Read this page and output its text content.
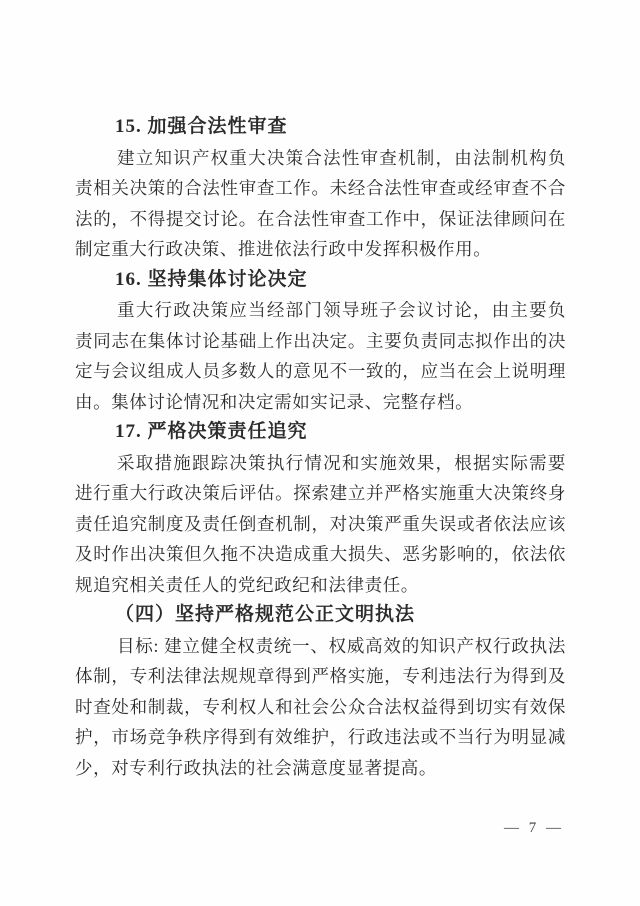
15. 加强合法性审查

建立知识产权重大决策合法性审查机制，由法制机构负责相关决策的合法性审查工作。未经合法性审查或经审查不合法的，不得提交讨论。在合法性审查工作中，保证法律顾问在制定重大行政决策、推进依法行政中发挥积极作用。

16. 坚持集体讨论决定

重大行政决策应当经部门领导班子会议讨论，由主要负责同志在集体讨论基础上作出决定。主要负责同志拟作出的决定与会议组成人员多数人的意见不一致的，应当在会上说明理由。集体讨论情况和决定需如实记录、完整存档。

17. 严格决策责任追究

采取措施跟踪决策执行情况和实施效果，根据实际需要进行重大行政决策后评估。探索建立并严格实施重大决策终身责任追究制度及责任倒查机制，对决策严重失误或者依法应该及时作出决策但久拖不决造成重大损失、恶劣影响的，依法依规追究相关责任人的党纪政纪和法律责任。

（四）坚持严格规范公正文明执法

目标: 建立健全权责统一、权威高效的知识产权行政执法体制，专利法律法规规章得到严格实施，专利违法行为得到及时查处和制裁，专利权人和社会公众合法权益得到切实有效保护，市场竞争秩序得到有效维护，行政违法或不当行为明显减少，对专利行政执法的社会满意度显著提高。

— 7 —
